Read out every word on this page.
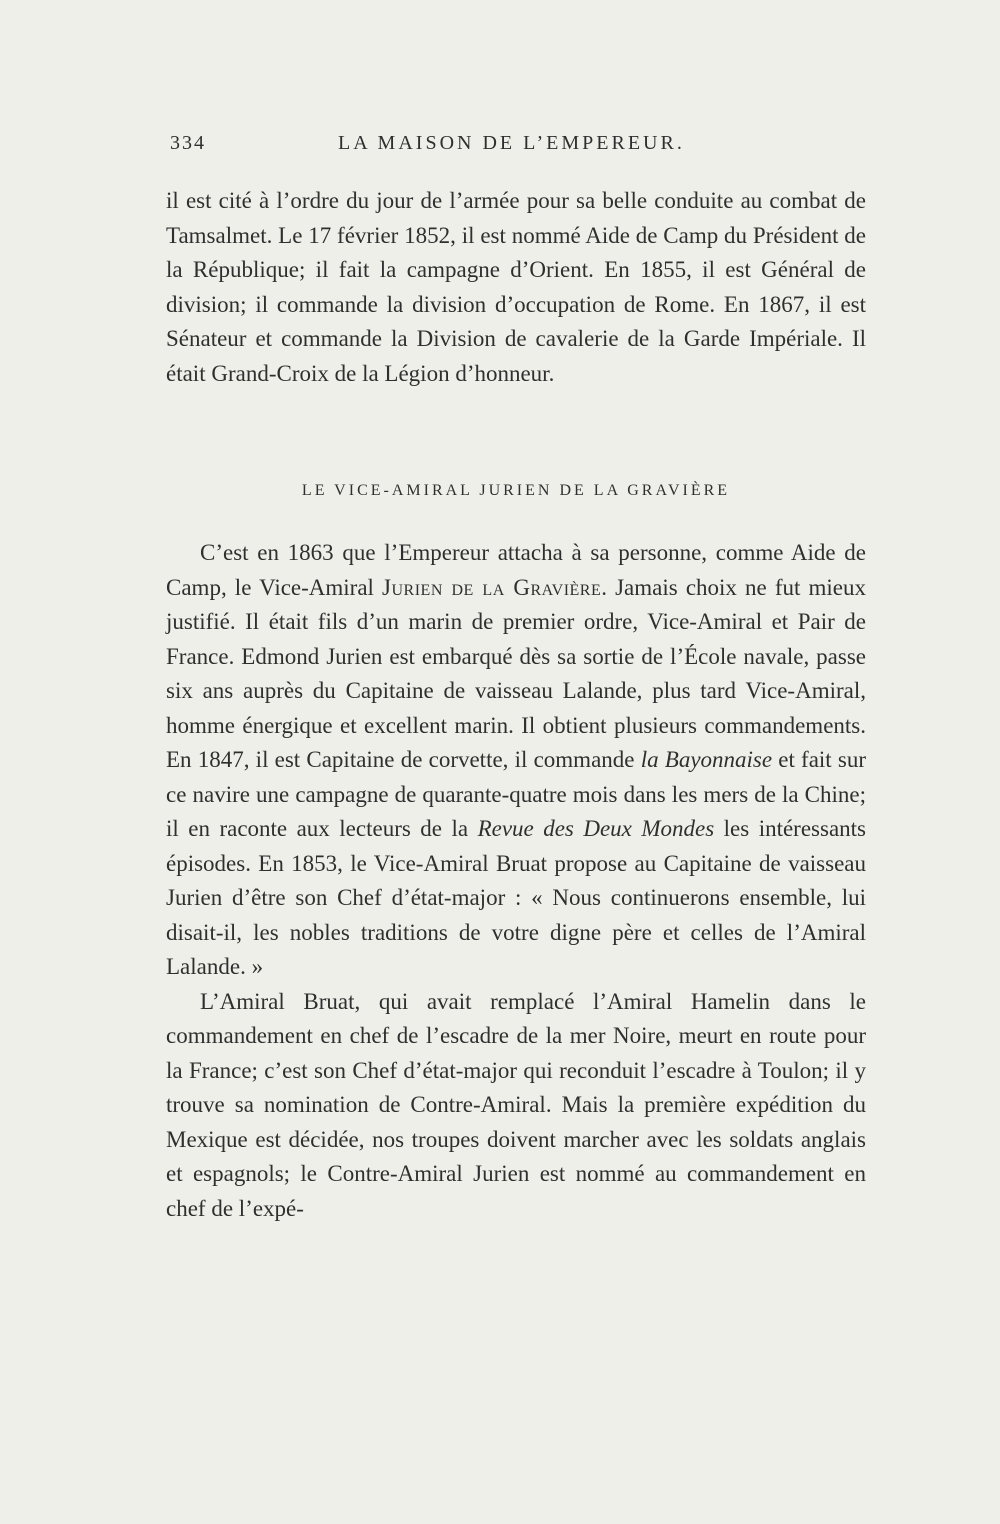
334	LA MAISON DE L’EMPEREUR.

il est cité à l’ordre du jour de l’armée pour sa belle conduite au combat de Tamsalmet. Le 17 février 1852, il est nommé Aide de Camp du Président de la République; il fait la campagne d’Orient. En 1855, il est Général de division; il commande la division d’occupation de Rome. En 1867, il est Sénateur et commande la Division de cavalerie de la Garde Impériale. Il était Grand-Croix de la Légion d’honneur.

LE VICE-AMIRAL JURIEN DE LA GRAVIÈRE

C’est en 1863 que l’Empereur attacha à sa personne, comme Aide de Camp, le Vice-Amiral Jurien de la Gravière. Jamais choix ne fut mieux justifié. Il était fils d’un marin de premier ordre, Vice-Amiral et Pair de France. Edmond Jurien est embarqué dès sa sortie de l’École navale, passe six ans auprès du Capitaine de vaisseau Lalande, plus tard Vice-Amiral, homme énergique et excellent marin. Il obtient plusieurs commandements. En 1847, il est Capitaine de corvette, il commande la Bayonnaise et fait sur ce navire une campagne de quarante-quatre mois dans les mers de la Chine; il en raconte aux lecteurs de la Revue des Deux Mondes les intéressants épisodes. En 1853, le Vice-Amiral Bruat propose au Capitaine de vaisseau Jurien d’être son Chef d’état-major : « Nous continuerons ensemble, lui disait-il, les nobles traditions de votre digne père et celles de l’Amiral Lalande. »

L’Amiral Bruat, qui avait remplacé l’Amiral Hamelin dans le commandement en chef de l’escadre de la mer Noire, meurt en route pour la France; c’est son Chef d’état-major qui reconduit l’escadre à Toulon; il y trouve sa nomination de Contre-Amiral. Mais la première expédition du Mexique est décidée, nos troupes doivent marcher avec les soldats anglais et espagnols; le Contre-Amiral Jurien est nommé au commandement en chef de l’expé-
